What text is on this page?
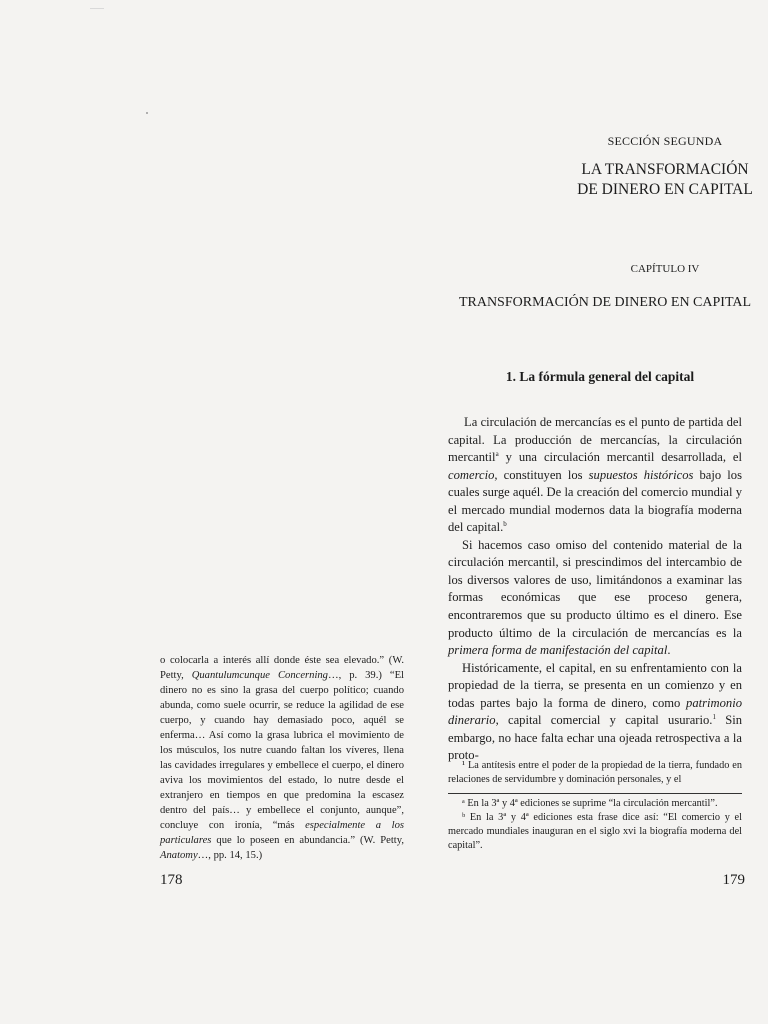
o colocarla a interés allí donde éste sea elevado.” (W. Petty, Quantulumcunque Concerning…, p. 39.) “El dinero no es sino la grasa del cuerpo político; cuando abunda, como suele ocurrir, se reduce la agilidad de ese cuerpo, y cuando hay demasiado poco, aquél se enferma… Así como la grasa lubrica el movimiento de los músculos, los nutre cuando faltan los víveres, llena las cavidades irregulares y embellece el cuerpo, el dinero aviva los movimientos del estado, lo nutre desde el extranjero en tiempos en que predomina la escasez dentro del país… y embellece el conjunto, aunque”, concluye con ironía, “más especialmente a los particulares que lo poseen en abundancia.” (W. Petty, Anatomy…, pp. 14, 15.)

178
SECCIÓN SEGUNDA
LA TRANSFORMACIÓN
DE DINERO EN CAPITAL
CAPÍTULO IV
TRANSFORMACIÓN DE DINERO EN CAPITAL
1. La fórmula general del capital

La circulación de mercancías es el punto de partida del capital. La producción de mercancías, la circulación mercantil$^a$ y una circulación mercantil desarrollada, el comercio, constituyen los supuestos históricos bajo los cuales surge aquél. De la creación del comercio mundial y el mercado mundial modernos data la biografía moderna del capital.$^b$

Si hacemos caso omiso del contenido material de la circulación mercantil, si prescindimos del intercambio de los diversos valores de uso, limitándonos a examinar las formas económicas que ese proceso genera, encontraremos que su producto último es el dinero. Ese producto último de la circulación de mercancías es la primera forma de manifestación del capital.

Históricamente, el capital, en su enfrentamiento con la propiedad de la tierra, se presenta en un comienzo y en todas partes bajo la forma de dinero, como patrimonio dinerario, capital comercial y capital usurario.$^1$ Sin embargo, no hace falta echar una ojeada retrospectiva a la proto-

¹ La antítesis entre el poder de la propiedad de la tierra, fundado en relaciones de servidumbre y dominación personales, y el

ᵃ En la 3ª y 4ª ediciones se suprime “la circulación mercantil”.

ᵇ En la 3ª y 4ª ediciones esta frase dice así: “El comercio y el mercado mundiales inauguran en el siglo xvi la biografía moderna del capital”.

179
